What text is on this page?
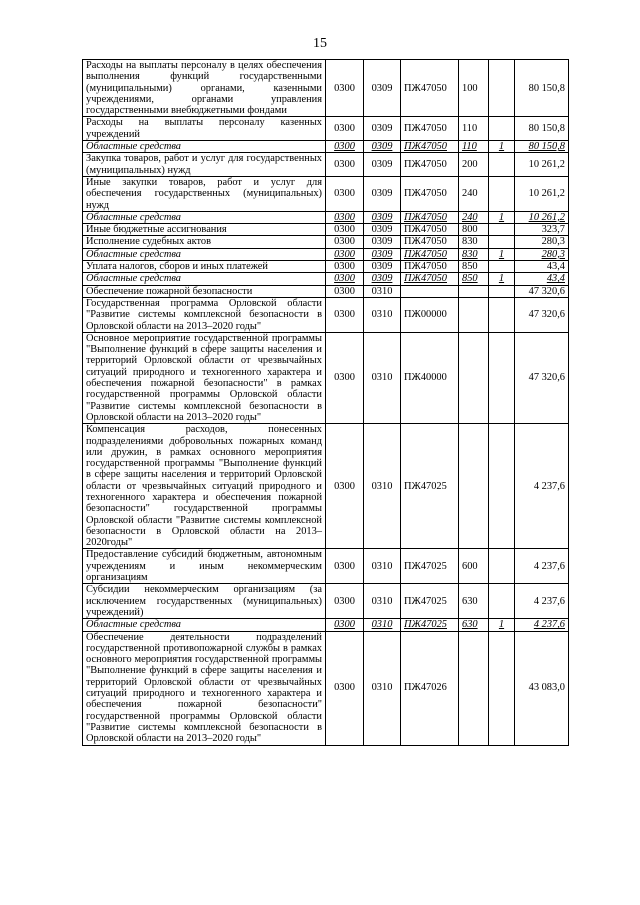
15
Расходы на выплаты персоналу в целях обеспечения выполнения функций государственными (муниципальными) органами, казенными учреждениями, органами управления государственными внебюджетными фондами	0300	0309	ПЖ47050	100		80 150,8
Расходы на выплаты персоналу казенных учреждений	0300	0309	ПЖ47050	110		80 150,8
Областные средства	0300	0309	ПЖ47050	110	1	80 150,8
Закупка товаров, работ и услуг для государственных (муниципальных) нужд	0300	0309	ПЖ47050	200		10 261,2
Иные закупки товаров, работ и услуг для обеспечения государственных (муниципальных) нужд	0300	0309	ПЖ47050	240		10 261,2
Областные средства	0300	0309	ПЖ47050	240	1	10 261,2
Иные бюджетные ассигнования	0300	0309	ПЖ47050	800		323,7
Исполнение судебных актов	0300	0309	ПЖ47050	830		280,3
Областные средства	0300	0309	ПЖ47050	830	1	280,3
Уплата налогов, сборов и иных платежей	0300	0309	ПЖ47050	850		43,4
Областные средства	0300	0309	ПЖ47050	850	1	43,4
Обеспечение пожарной безопасности	0300	0310				47 320,6
Государственная программа Орловской области "Развитие системы комплексной безопасности в Орловской области на 2013–2020 годы"	0300	0310	ПЖ00000			47 320,6
Основное мероприятие государственной программы "Выполнение функций в сфере защиты населения и территорий Орловской области от чрезвычайных ситуаций природного и техногенного характера и обеспечения пожарной безопасности" в рамках государственной программы Орловской области "Развитие системы комплексной безопасности в Орловской области на 2013–2020 годы"	0300	0310	ПЖ40000			47 320,6
Компенсация расходов, понесенных подразделениями добровольных пожарных команд или дружин, в рамках основного мероприятия государственной программы "Выполнение функций в сфере защиты населения и территорий Орловской области от чрезвычайных ситуаций природного и техногенного характера и обеспечения пожарной безопасности" государственной программы Орловской области "Развитие системы комплексной безопасности в Орловской области на 2013–2020годы"	0300	0310	ПЖ47025			4 237,6
Предоставление субсидий бюджетным, автономным учреждениям и иным некоммерческим организациям	0300	0310	ПЖ47025	600		4 237,6
Субсидии некоммерческим организациям (за исключением государственных (муниципальных) учреждений)	0300	0310	ПЖ47025	630		4 237,6
Областные средства	0300	0310	ПЖ47025	630	1	4 237,6
Обеспечение деятельности подразделений государственной противопожарной службы в рамках основного мероприятия государственной программы "Выполнение функций в сфере защиты населения и территорий Орловской области от чрезвычайных ситуаций природного и техногенного характера и обеспечения пожарной безопасности" государственной программы Орловской области "Развитие системы комплексной безопасности в Орловской области на 2013–2020 годы"	0300	0310	ПЖ47026			43 083,0
